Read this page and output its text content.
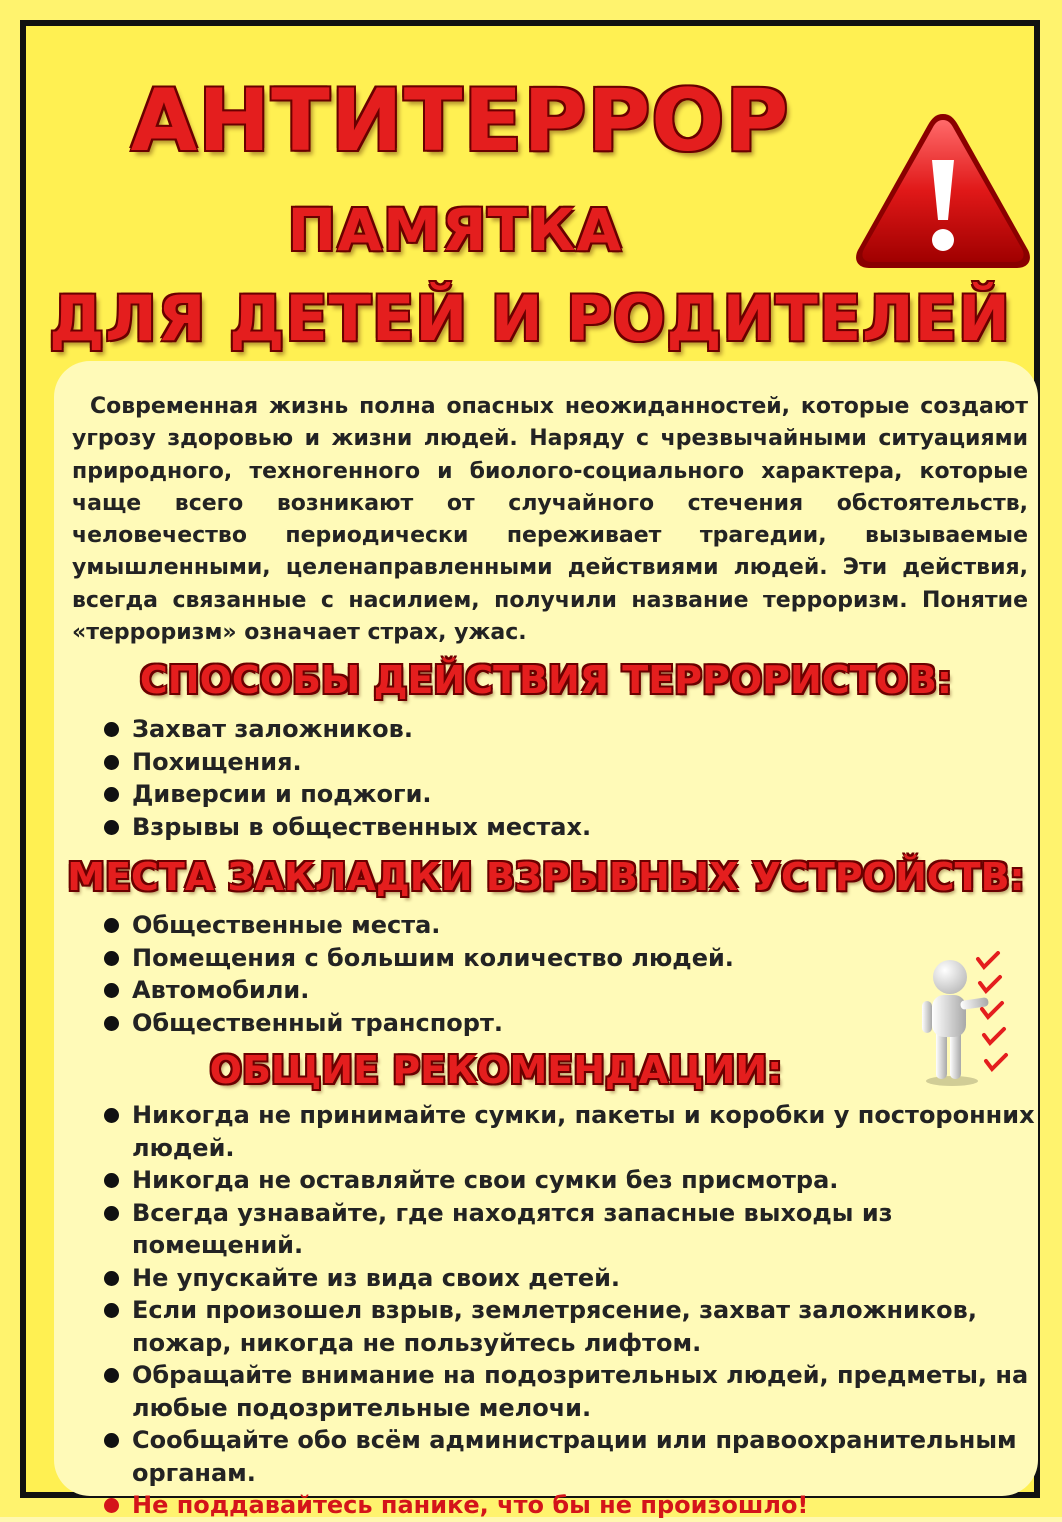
АНТИТЕРРОР
ПАМЯТКА
ДЛЯ ДЕТЕЙ И РОДИТЕЛЕЙ

Современная жизнь полна опасных неожиданностей, которые создают угрозу здоровью и жизни людей. Наряду с чрезвычайными ситуациями природного, техногенного и биолого-социального характера, которые чаще всего возникают от случайного стечения обстоятельств, человечество периодически переживает трагедии, вызываемые умышленными, целенаправленными действиями людей. Эти действия, всегда связанные с насилием, получили название терроризм. Понятие «терроризм» означает страх, ужас.

СПОСОБЫ ДЕЙСТВИЯ ТЕРРОРИСТОВ:
Захват заложников.
Похищения.
Диверсии и поджоги.
Взрывы в общественных местах.
МЕСТА ЗАКЛАДКИ ВЗРЫВНЫХ УСТРОЙСТВ:
Общественные места.
Помещения с большим количество людей.
Автомобили.
Общественный транспорт.
ОБЩИЕ РЕКОМЕНДАЦИИ:
Никогда не принимайте сумки, пакеты и коробки у посторонних людей.
Никогда не оставляйте свои сумки без присмотра.
Всегда узнавайте, где находятся запасные выходы из помещений.
Не упускайте из вида своих детей.
Если произошел взрыв, землетрясение, захват заложников, пожар, никогда не пользуйтесь лифтом.
Обращайте внимание на подозрительных людей, предметы, на любые подозрительные мелочи.
Сообщайте обо всём администрации или правоохранительным органам.
Не поддавайтесь панике, что бы не произошло!
